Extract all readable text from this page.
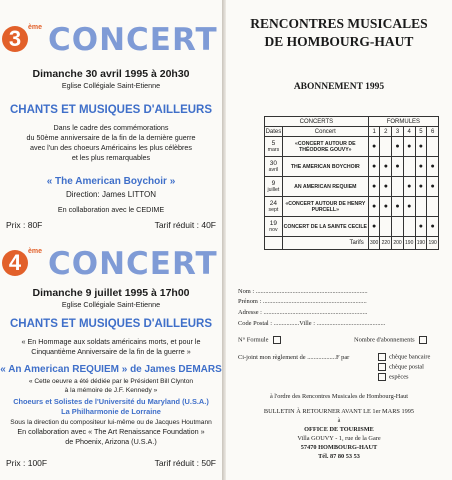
3 ème CONCERT
Dimanche 30 avril 1995 à 20h30
Eglise Collégiale Saint-Etienne
CHANTS ET MUSIQUES D'AILLEURS
Dans le cadre des commémorations
du 50ème anniversaire de la fin de la dernière guerre
avec l'un des choeurs Américains les plus célèbres
et les plus remarquables
« The American Boychoir »
Direction: James LITTON
En collaboration avec le CEDIME
Prix : 80F	Tarif réduit : 40F
4 ème CONCERT
Dimanche 9 juillet 1995 à 17h00
Eglise Collégiale Saint-Etienne
CHANTS ET MUSIQUES D'AILLEURS
« En Hommage aux soldats américains morts, et pour le
Cinquantième Anniversaire de la fin de la guerre »
« An American REQUIEM » de James DEMARS
« Cette oeuvre a été dédiée par le Président Bill Clynton
à la mémoire de J.F. Kennedy »
Choeurs et Solistes de l'Université du Maryland (U.S.A.)
La Philharmonie de Lorraine
Sous la direction du compositeur lui-même ou de Jacques Houtmann
En collaboration avec « The Art Renaissance Foundation »
de Phoenix, Arizona (U.S.A.)
Prix : 100F	Tarif réduit : 50F
RENCONTRES MUSICALES
DE HOMBOURG-HAUT
ABONNEMENT 1995
CONCERTS		FORMULES					
Dates	Concert	1	2	3	4	5	6

5
mars	«CONCERT AUTOUR DE THÉODORE GOUVY»	●		●	●	●	

30
avril	THE AMERICAN BOYCHOIR	●	●	●		●	●

9
juillet	AN AMERICAN REQUIEM	●	●		●	●	●

24
sept	«CONCERT AUTOUR DE HENRY PURCELL»	●	●	●	●		

19
nov	CONCERT DE LA SAINTE CECILE	●				●	●
	Tarifs	300	220	200	190	190	190
Nom : ......................................................................
Prénom : .................................................................
Adresse : .................................................................
Code Postal : ................Ville : ...........................................
N° Formule	Nombre d'abonnements
Ci-joint mon règlement de ..................F par	chèque bancaire
chèque postal
espèces
à l'ordre des Rencontres Musicales de Hombourg-Haut
BULLETIN À RETOURNER AVANT LE 1er MARS 1995
à
OFFICE DE TOURISME
Villa GOUVY - 1, rue de la Gare
57470 HOMBOURG-HAUT
Tél. 87 80 53 53
